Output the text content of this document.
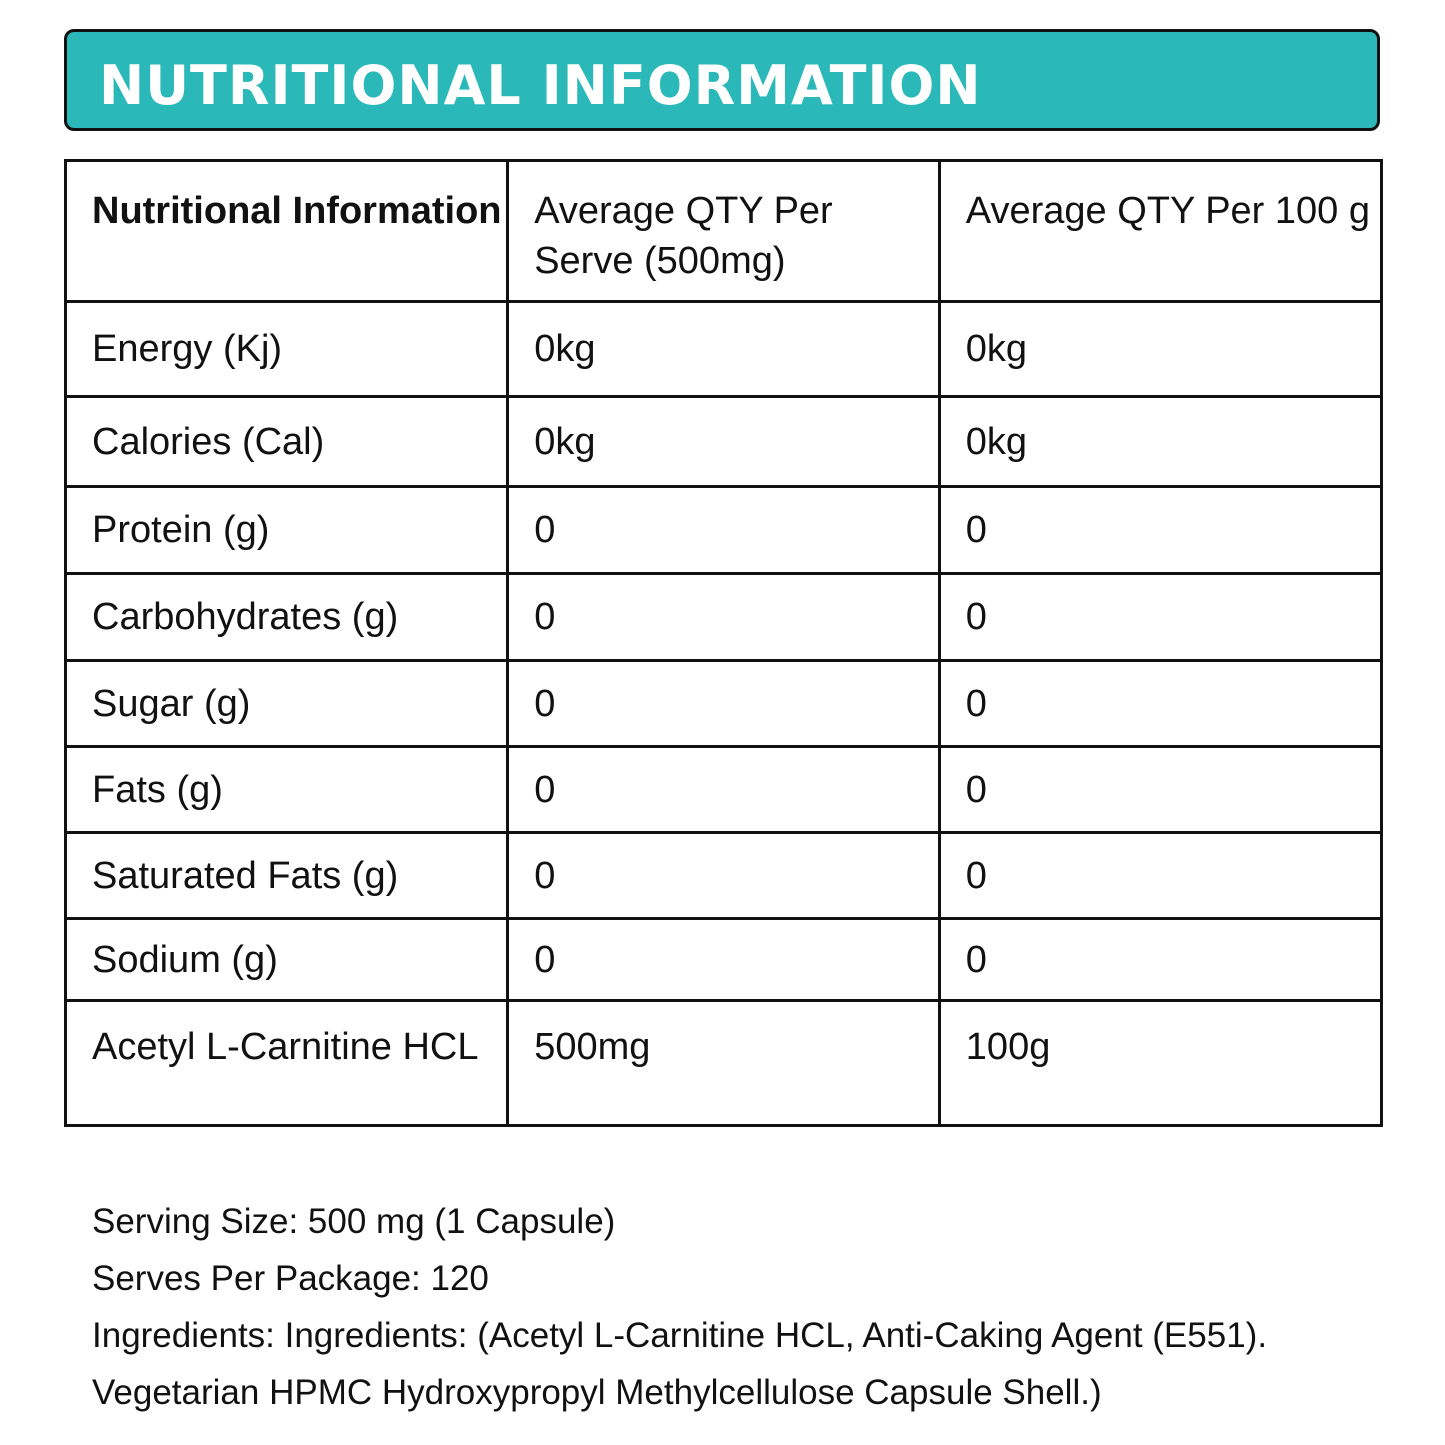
NUTRITIONAL INFORMATION
Nutritional Information	Average QTY Per Serve (500mg)	Average QTY Per 100 g
Energy (Kj)	0kg	0kg
Calories (Cal)	0kg	0kg
Protein (g)	0	0
Carbohydrates (g)	0	0
Sugar (g)	0	0
Fats (g)	0	0
Saturated Fats (g)	0	0
Sodium (g)	0	0
Acetyl L-Carnitine HCL	500mg	100g
Serving Size: 500 mg (1 Capsule)
Serves Per Package: 120
Ingredients: Ingredients: (Acetyl L-Carnitine HCL, Anti-Caking Agent (E551).
Vegetarian HPMC Hydroxypropyl Methylcellulose Capsule Shell.)
